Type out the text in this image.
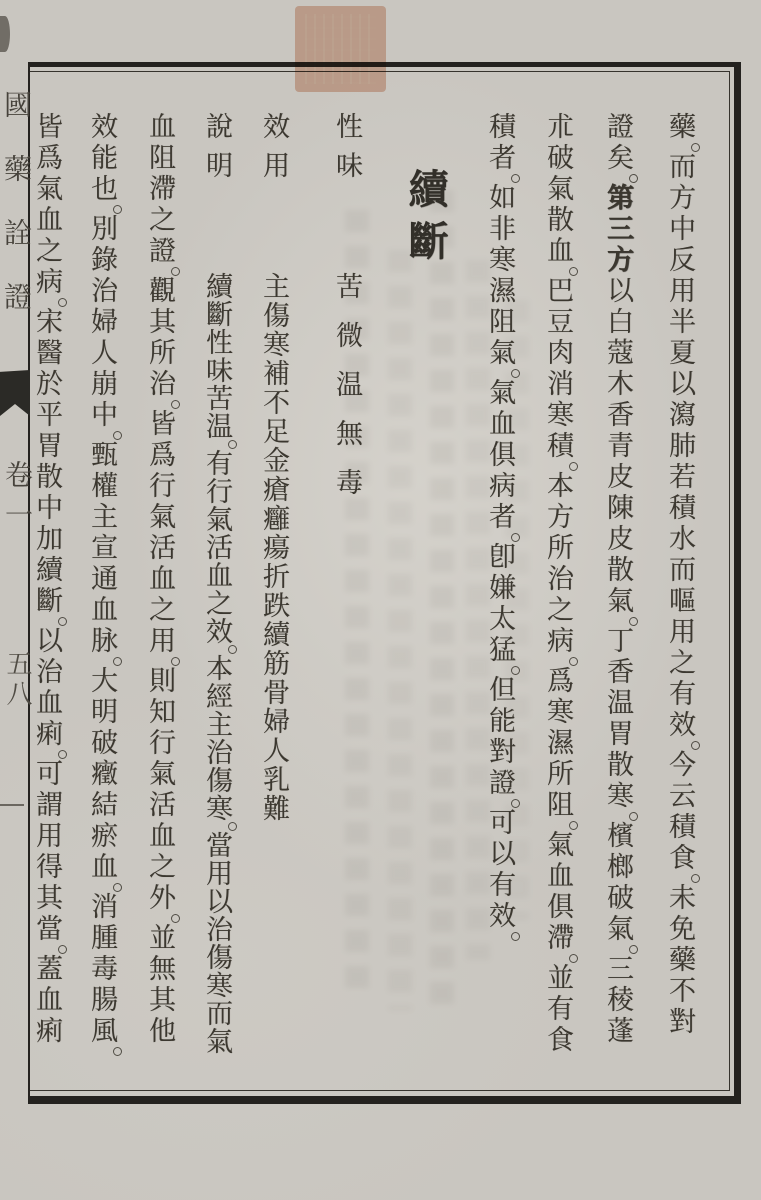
國藥詮證
卷一
五八
藥而方中反用半夏以瀉肺若積水而嘔用之有效今云積食未免藥不對
證矣第三方以白蔻木香青皮陳皮散氣丁香温胃散寒檳榔破氣三稜蓬
朮破氣散血巴豆肉消寒積本方所治之病爲寒濕所阻氣血俱滯並有食
積者如非寒濕阻氣氣血俱病者卽嫌太猛但能對證可以有效
續斷
性味苦微温無毒
效用主傷寒補不足金瘡癰瘍折跌續筋骨婦人乳難
說明續斷性味苦温有行氣活血之效本經主治傷寒當用以治傷寒而氣
血阻滯之證觀其所治皆爲行氣活血之用則知行氣活血之外並無其他
效能也別錄治婦人崩中甄權主宣通血脉大明破癥結瘀血消腫毒腸風
皆爲氣血之病宋醫於平胃散中加續斷以治血痢可謂用得其當蓋血痢
